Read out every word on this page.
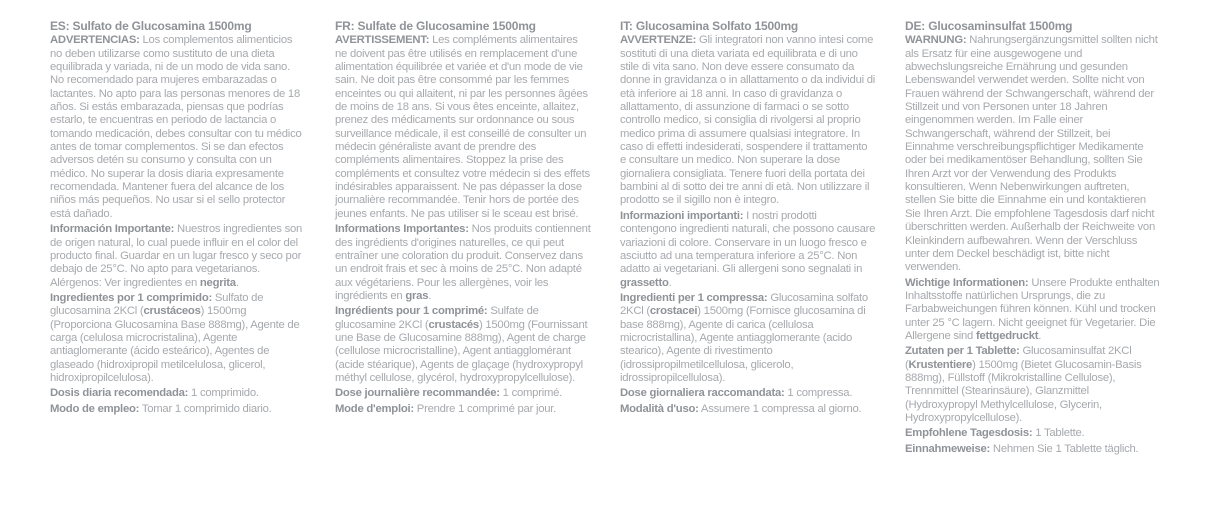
ES: Sulfato de Glucosamina 1500mg
ADVERTENCIAS: Los complementos alimenticios no deben utilizarse como sustituto de una dieta equilibrada y variada, ni de un modo de vida sano. No recomendado para mujeres embarazadas o lactantes. No apto para las personas menores de 18 años. Si estás embarazada, piensas que podrías estarlo, te encuentras en periodo de lactancia o tomando medicación, debes consultar con tu médico antes de tomar complementos. Si se dan efectos adversos detén su consumo y consulta con un médico. No superar la dosis diaria expresamente recomendada. Mantener fuera del alcance de los niños más pequeños. No usar si el sello protector está dañado.
Información Importante: Nuestros ingredientes son de origen natural, lo cual puede influir en el color del producto final. Guardar en un lugar fresco y seco por debajo de 25°C. No apto para vegetarianos. Alérgenos: Ver ingredientes en negrita.
Ingredientes por 1 comprimido: Sulfato de glucosamina 2KCl (crustáceos) 1500mg (Proporciona Glucosamina Base 888mg), Agente de carga (celulosa microcristalina), Agente antiaglomerante (ácido esteárico), Agentes de glaseado (hidroxipropil metilcelulosa, glicerol, hidroxipropilcelulosa).
Dosis diaria recomendada: 1 comprimido.
Modo de empleo: Tomar 1 comprimido diario.
FR: Sulfate de Glucosamine 1500mg
AVERTISSEMENT: Les compléments alimentaires ne doivent pas être utilisés en remplacement d'une alimentation équilibrée et variée et d'un mode de vie sain. Ne doit pas être consommé par les femmes enceintes ou qui allaitent, ni par les personnes âgées de moins de 18 ans. Si vous êtes enceinte, allaitez, prenez des médicaments sur ordonnance ou sous surveillance médicale, il est conseillé de consulter un médecin généraliste avant de prendre des compléments alimentaires. Stoppez la prise des compléments et consultez votre médecin si des effets indésirables apparaissent. Ne pas dépasser la dose journalière recommandée. Tenir hors de portée des jeunes enfants. Ne pas utiliser si le sceau est brisé.
Informations Importantes: Nos produits contiennent des ingrédients d'origines naturelles, ce qui peut entraîner une coloration du produit. Conservez dans un endroit frais et sec à moins de 25°C. Non adapté aux végétariens. Pour les allergènes, voir les ingrédients en gras.
Ingrédients pour 1 comprimé: Sulfate de glucosamine 2KCl (crustacés) 1500mg (Fournissant une Base de Glucosamine 888mg), Agent de charge (cellulose microcristalline), Agent antiagglomérant (acide stéarique), Agents de glaçage (hydroxypropyl méthyl cellulose, glycérol, hydroxypropylcellulose).
Dose journalière recommandée: 1 comprimé.
Mode d'emploi: Prendre 1 comprimé par jour.
IT: Glucosamina Solfato 1500mg
AVVERTENZE: Gli integratori non vanno intesi come sostituti di una dieta variata ed equilibrata e di uno stile di vita sano. Non deve essere consumato da donne in gravidanza o in allattamento o da individui di età inferiore ai 18 anni. In caso di gravidanza o allattamento, di assunzione di farmaci o se sotto controllo medico, si consiglia di rivolgersi al proprio medico prima di assumere qualsiasi integratore. In caso di effetti indesiderati, sospendere il trattamento e consultare un medico. Non superare la dose giornaliera consigliata. Tenere fuori della portata dei bambini al di sotto dei tre anni di età. Non utilizzare il prodotto se il sigillo non è integro.
Informazioni importanti: I nostri prodotti contengono ingredienti naturali, che possono causare variazioni di colore. Conservare in un luogo fresco e asciutto ad una temperatura inferiore a 25°C. Non adatto ai vegetariani. Gli allergeni sono segnalati in grassetto.
Ingredienti per 1 compressa: Glucosamina solfato 2KCl (crostacei) 1500mg (Fornisce glucosamina di base 888mg), Agente di carica (cellulosa microcristallina), Agente antiagglomerante (acido stearico), Agente di rivestimento (idrossipropilmetilcellulosa, glicerolo, idrossipropilcellulosa).
Dose giornaliera raccomandata: 1 compressa.
Modalità d'uso: Assumere 1 compressa al giorno.
DE: Glucosaminsulfat 1500mg
WARNUNG: Nahrungsergänzungsmittel sollten nicht als Ersatz für eine ausgewogene und abwechslungsreiche Ernährung und gesunden Lebenswandel verwendet werden. Sollte nicht von Frauen während der Schwangerschaft, während der Stillzeit und von Personen unter 18 Jahren eingenommen werden. Im Falle einer Schwangerschaft, während der Stillzeit, bei Einnahme verschreibungspflichtiger Medikamente oder bei medikamentöser Behandlung, sollten Sie Ihren Arzt vor der Verwendung des Produkts konsultieren. Wenn Nebenwirkungen auftreten, stellen Sie bitte die Einnahme ein und kontaktieren Sie Ihren Arzt. Die empfohlene Tagesdosis darf nicht überschritten werden. Außerhalb der Reichweite von Kleinkindern aufbewahren. Wenn der Verschluss unter dem Deckel beschädigt ist, bitte nicht verwenden.
Wichtige Informationen: Unsere Produkte enthalten Inhaltsstoffe natürlichen Ursprungs, die zu Farbabweichungen führen können. Kühl und trocken unter 25 °C lagern. Nicht geeignet für Vegetarier. Die Allergene sind fettgedruckt.
Zutaten per 1 Tablette: Glucosaminsulfat 2KCl (Krustentiere) 1500mg (Bietet Glucosamin-Basis 888mg), Füllstoff (Mikrokristalline Cellulose), Trennmittel (Stearinsäure), Glanzmittel (Hydroxypropyl Methylcellulose, Glycerin, Hydroxypropylcellulose).
Empfohlene Tagesdosis: 1 Tablette.
Einnahmeweise: Nehmen Sie 1 Tablette täglich.
